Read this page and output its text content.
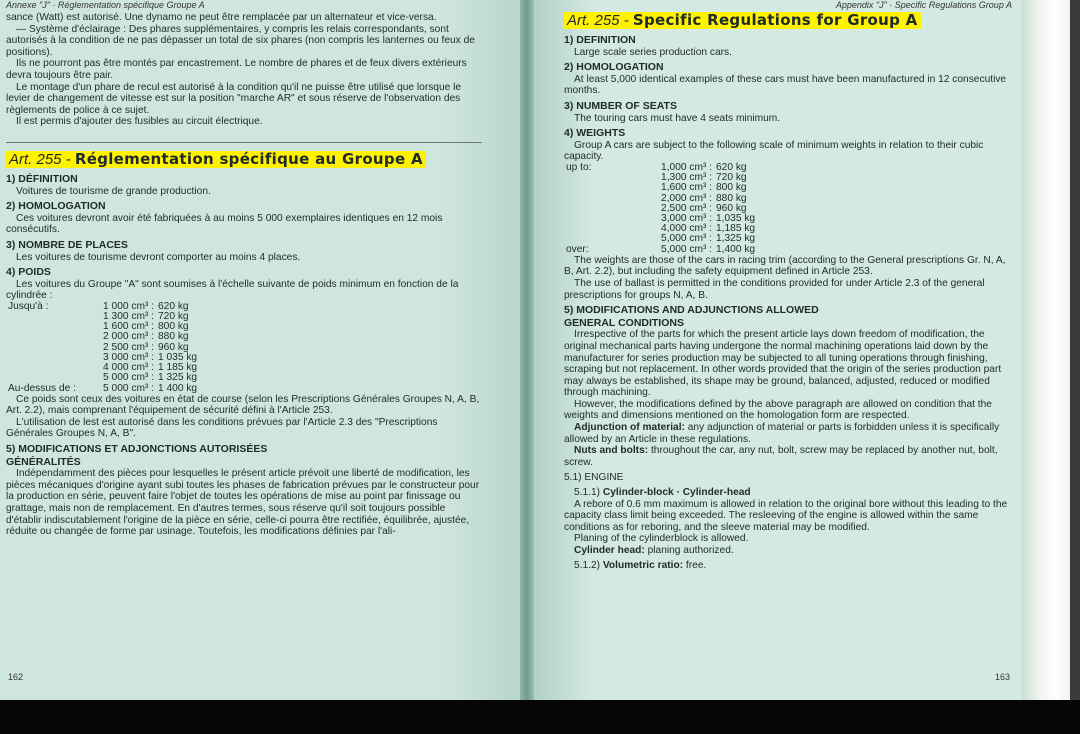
Annexe "J" · Réglementation spécifique Groupe A

sance (Watt) est autorisé. Une dynamo ne peut être remplacée par un alternateur et vice-versa.

— Système d'éclairage : Des phares supplémentaires, y compris les relais correspondants, sont autorisés à la condition de ne pas dépasser un total de six phares (non compris les lanternes ou feux de positions).

Ils ne pourront pas être montés par encastrement. Le nombre de phares et de feux divers extérieurs devra toujours être pair.

Le montage d'un phare de recul est autorisé à la condition qu'il ne puisse être utilisé que lorsque le levier de changement de vitesse est sur la position "marche AR" et sous réserve de l'observation des règlements de police à ce sujet.

Il est permis d'ajouter des fusibles au circuit électrique.

Art. 255 - Réglementation spécifique au Groupe A
1) DÉFINITION

Voitures de tourisme de grande production.

2) HOMOLOGATION

Ces voitures devront avoir été fabriquées à au moins 5 000 exemplaires identiques en 12 mois consécutifs.

3) NOMBRE DE PLACES

Les voitures de tourisme devront comporter au moins 4 places.

4) POIDS

Les voitures du Groupe "A" sont soumises à l'échelle suivante de poids minimum en fonction de la cylindrée :

Jusqu'à :	1 000 cm³ :	620 kg
	1 300 cm³ :	720 kg
	1 600 cm³ :	800 kg
	2 000 cm³ :	880 kg
	2 500 cm³ :	960 kg
	3 000 cm³ :	1 035 kg
	4 000 cm³ :	1 185 kg
	5 000 cm³ :	1 325 kg
Au-dessus de :	5 000 cm³ :	1 400 kg

Ce poids sont ceux des voitures en état de course (selon les Prescriptions Générales Groupes N, A, B, Art. 2.2), mais comprenant l'équipement de sécurité défini à l'Article 253.

L'utilisation de lest est autorisé dans les conditions prévues par l'Article 2.3 des "Prescriptions Générales Groupes N, A, B".

5) MODIFICATIONS ET ADJONCTIONS AUTORISÉES
GÉNÉRALITÉS

Indépendamment des pièces pour lesquelles le présent article prévoit une liberté de modification, les pièces mécaniques d'origine ayant subi toutes les phases de fabrication prévues par le constructeur pour la production en série, peuvent faire l'objet de toutes les opérations de mise au point par finissage ou grattage, mais non de remplacement. En d'autres termes, sous réserve qu'il soit toujours possible d'établir indiscutablement l'origine de la pièce en série, celle-ci pourra être rectifiée, équilibrée, ajustée, réduite ou changée de forme par usinage. Toutefois, les modifications définies par l'ali-

162
Appendix "J" · Specific Regulations Group A
Art. 255 - Specific Regulations for Group A
1) DEFINITION

Large scale series production cars.

2) HOMOLOGATION

At least 5,000 identical examples of these cars must have been manufactured in 12 consecutive months.

3) NUMBER OF SEATS

The touring cars must have 4 seats minimum.

4) WEIGHTS

Group A cars are subject to the following scale of minimum weights in relation to their cubic capacity.

up to:	1,000 cm³ :	620 kg
	1,300 cm³ :	720 kg
	1,600 cm³ :	800 kg
	2,000 cm³ :	880 kg
	2,500 cm³ :	960 kg
	3,000 cm³ :	1,035 kg
	4,000 cm³ :	1,185 kg
	5,000 cm³ :	1,325 kg
over:	5,000 cm³ :	1,400 kg

The weights are those of the cars in racing trim (according to the General prescriptions Gr. N, A, B, Art. 2.2), but including the safety equipment defined in Article 253.

The use of ballast is permitted in the conditions provided for under Article 2.3 of the general prescriptions for groups N, A, B.

5) MODIFICATIONS AND ADJUNCTIONS ALLOWED
GENERAL CONDITIONS

Irrespective of the parts for which the present article lays down freedom of modification, the original mechanical parts having undergone the normal machining operations laid down by the manufacturer for series production may be subjected to all tuning operations through finishing, scraping but not replacement. In other words provided that the origin of the series production part may always be established, its shape may be ground, balanced, adjusted, reduced or modified through machining.

However, the modifications defined by the above paragraph are allowed on condition that the weights and dimensions mentioned on the homologation form are respected.

Adjunction of material: any adjunction of material or parts is forbidden unless it is specifically allowed by an Article in these regulations.

Nuts and bolts: throughout the car, any nut, bolt, screw may be replaced by another nut, bolt, screw.

5.1) ENGINE

5.1.1) Cylinder-block · Cylinder-head

A rebore of 0.6 mm maximum is allowed in relation to the original bore without this leading to the capacity class limit being exceeded. The resleeving of the engine is allowed within the same conditions as for reboring, and the sleeve material may be modified.

Planing of the cylinderblock is allowed.

Cylinder head: planing authorized.

5.1.2) Volumetric ratio: free.

163
